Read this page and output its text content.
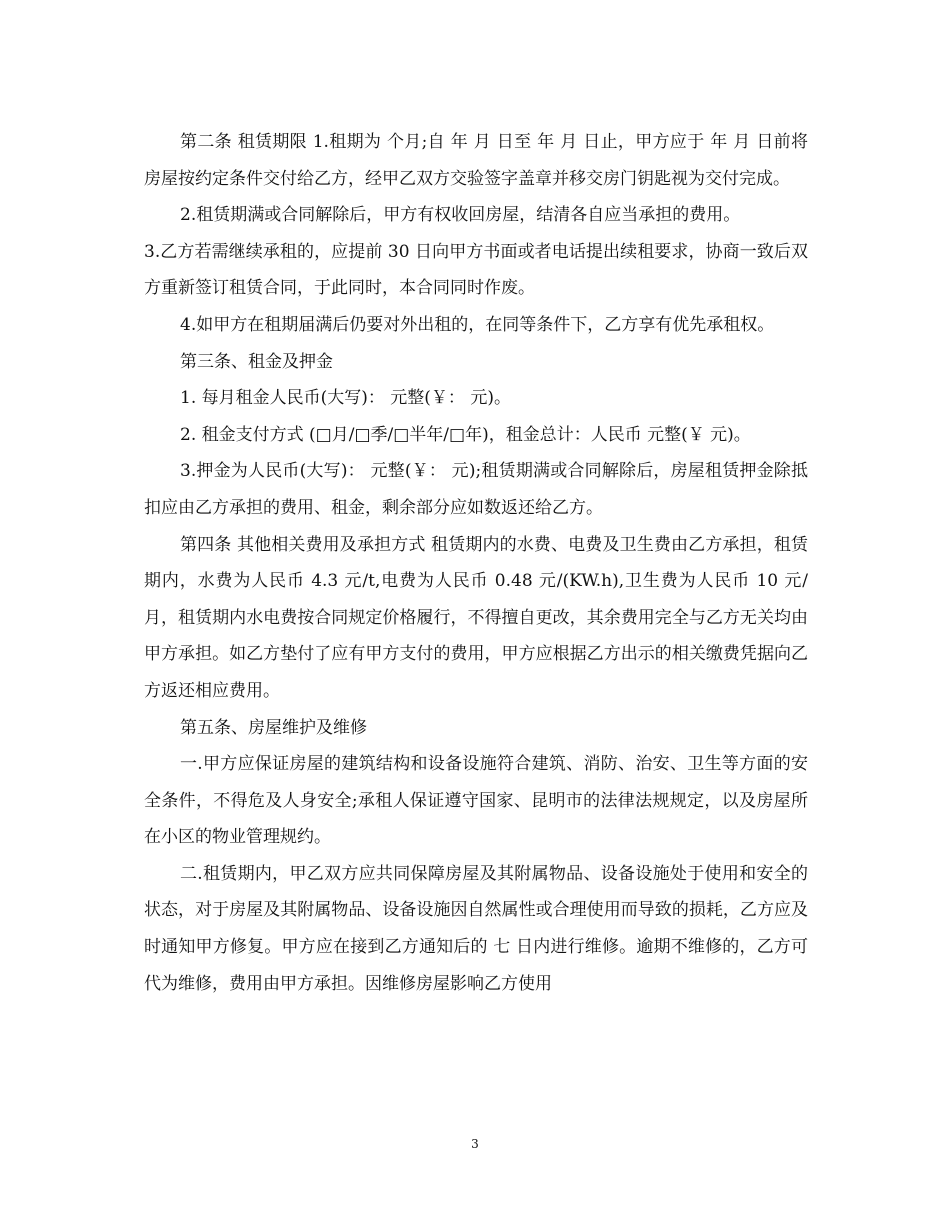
第二条 租赁期限 1.租期为 个月;自 年 月 日至 年 月 日止，甲方应于 年 月 日前将房屋按约定条件交付给乙方，经甲乙双方交验签字盖章并移交房门钥匙视为交付完成。

2.租赁期满或合同解除后，甲方有权收回房屋，结清各自应当承担的费用。

3.乙方若需继续承租的，应提前 30 日向甲方书面或者电话提出续租要求，协商一致后双方重新签订租赁合同，于此同时，本合同同时作废。

4.如甲方在租期届满后仍要对外出租的，在同等条件下，乙方享有优先承租权。

第三条、租金及押金

1. 每月租金人民币(大写)： 元整(￥： 元)。

2. 租金支付方式 (□月/□季/□半年/□年)，租金总计：人民币 元整(￥ 元)。

3.押金为人民币(大写)： 元整(￥： 元);租赁期满或合同解除后，房屋租赁押金除抵扣应由乙方承担的费用、租金，剩余部分应如数返还给乙方。

第四条 其他相关费用及承担方式 租赁期内的水费、电费及卫生费由乙方承担，租赁期内，水费为人民币 4.3 元/t,电费为人民币 0.48 元/(KW.h),卫生费为人民币 10 元/月，租赁期内水电费按合同规定价格履行，不得擅自更改，其余费用完全与乙方无关均由甲方承担。如乙方垫付了应有甲方支付的费用，甲方应根据乙方出示的相关缴费凭据向乙方返还相应费用。

第五条、房屋维护及维修

一.甲方应保证房屋的建筑结构和设备设施符合建筑、消防、治安、卫生等方面的安全条件，不得危及人身安全;承租人保证遵守国家、昆明市的法律法规规定，以及房屋所在小区的物业管理规约。

二.租赁期内，甲乙双方应共同保障房屋及其附属物品、设备设施处于使用和安全的状态，对于房屋及其附属物品、设备设施因自然属性或合理使用而导致的损耗，乙方应及时通知甲方修复。甲方应在接到乙方通知后的 七 日内进行维修。逾期不维修的，乙方可代为维修，费用由甲方承担。因维修房屋影响乙方使用

3
